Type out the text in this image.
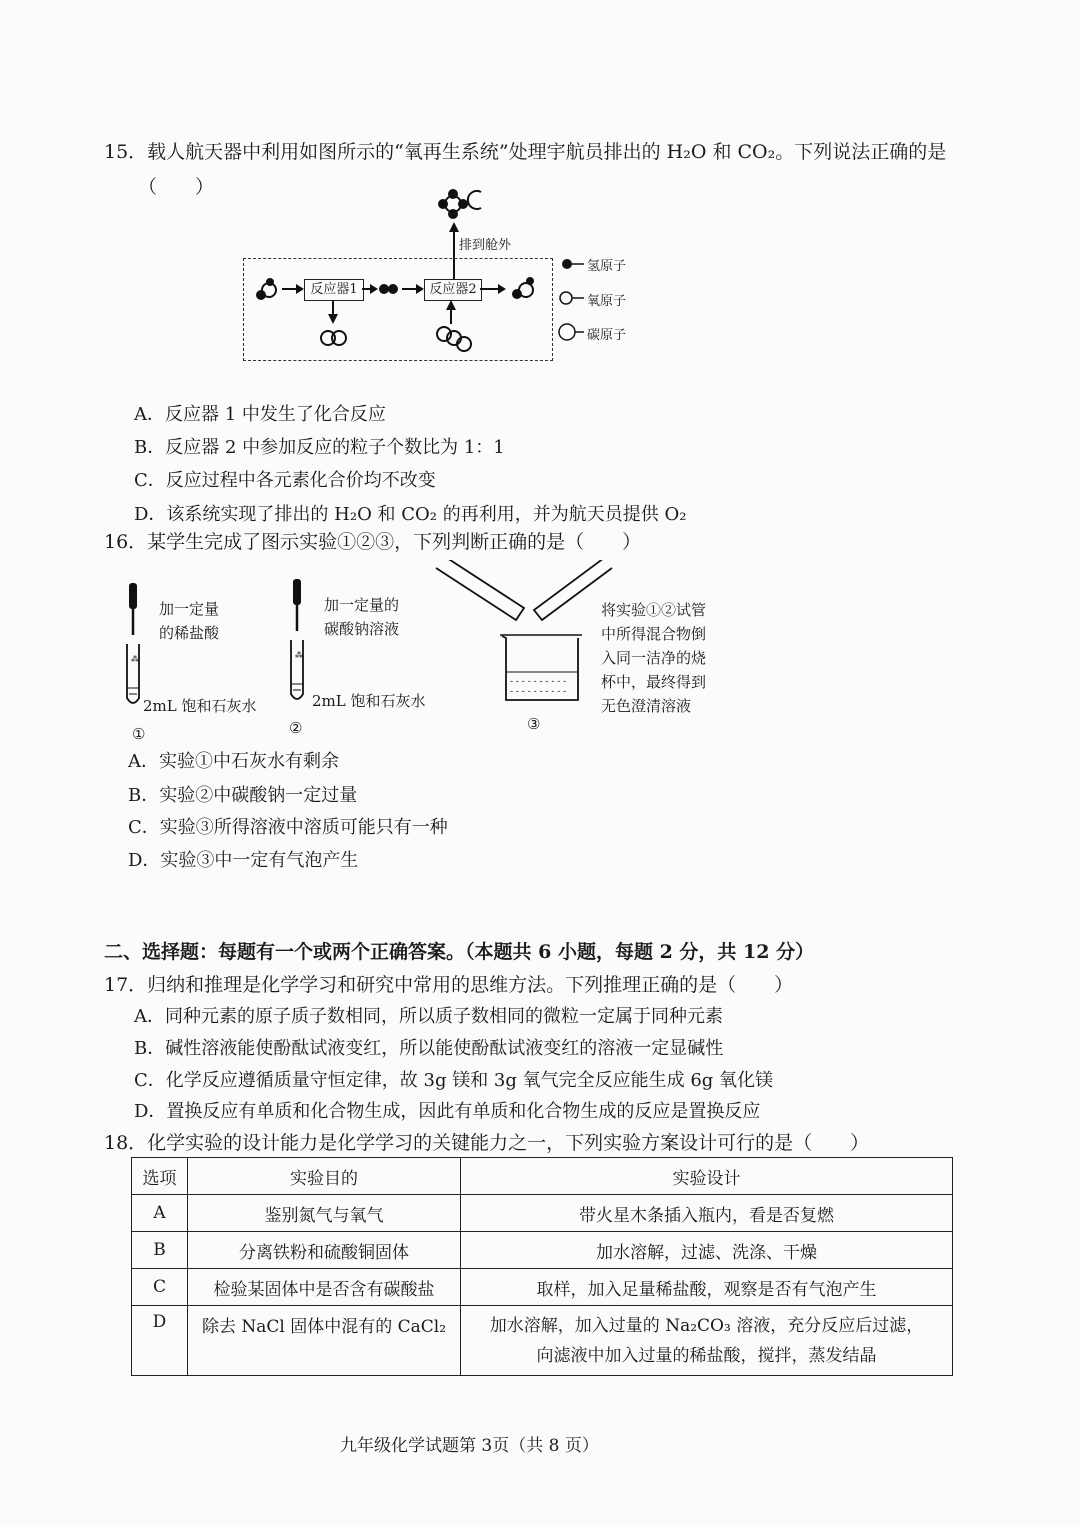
15．载人航天器中利用如图所示的“氧再生系统”处理宇航员排出的 H₂O 和 CO₂。下列说法正确的是
（　　）
排到舱外
反应器1	反应器2
氢原子
氧原子
碳原子
A．反应器 1 中发生了化合反应
B．反应器 2 中参加反应的粒子个数比为 1：1
C．反应过程中各元素化合价均不改变
D．该系统实现了排出的 H₂O 和 CO₂ 的再利用，并为航天员提供 O₂
16．某学生完成了图示实验①②③，下列判断正确的是（　　）
⁂
加一定量
的稀盐酸
2mL 饱和石灰水
①
⁂
加一定量的
碳酸钠溶液
2mL 饱和石灰水
②
- - - - - - - - - -
- - - - - - - - - -
将实验①②试管
中所得混合物倒
入同一洁净的烧
杯中，最终得到
无色澄清溶液
③
A．实验①中石灰水有剩余
B．实验②中碳酸钠一定过量
C．实验③所得溶液中溶质可能只有一种
D．实验③中一定有气泡产生
二、选择题：每题有一个或两个正确答案。（本题共 6 小题，每题 2 分，共 12 分）
17．归纳和推理是化学学习和研究中常用的思维方法。下列推理正确的是（　　）
A．同种元素的原子质子数相同，所以质子数相同的微粒一定属于同种元素
B．碱性溶液能使酚酞试液变红，所以能使酚酞试液变红的溶液一定显碱性
C．化学反应遵循质量守恒定律，故 3g 镁和 3g 氧气完全反应能生成 6g 氧化镁
D．置换反应有单质和化合物生成，因此有单质和化合物生成的反应是置换反应
18．化学实验的设计能力是化学学习的关键能力之一，下列实验方案设计可行的是（　　）
选项	实验目的	实验设计
A	鉴别氮气与氧气	带火星木条插入瓶内，看是否复燃
B	分离铁粉和硫酸铜固体	加水溶解，过滤、洗涤、干燥
C	检验某固体中是否含有碳酸盐	取样，加入足量稀盐酸，观察是否有气泡产生
D	除去 NaCl 固体中混有的 CaCl₂	加水溶解，加入过量的 Na₂CO₃ 溶液，充分反应后过滤，
向滤液中加入过量的稀盐酸，搅拌，蒸发结晶
九年级化学试题第 3页（共 8 页）
